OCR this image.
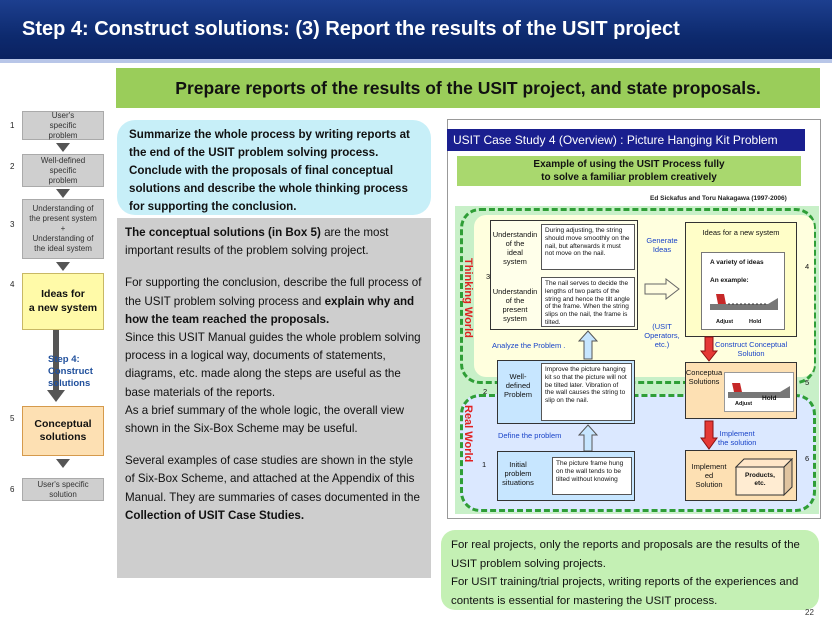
Step 4: Construct solutions: (3) Report the results of the USIT project
Prepare reports of the results of the USIT project, and state proposals.
1
User's
specific
problem
2
Well-defined
specific
problem
3
Understanding of
the present system
+
Understanding of
the ideal system
4
Ideas for
a new system
Step 4:
Construct
solutions
5	Conceptual
solutions
6
User's specific
solution
Summarize the whole process by writing reports at the end of the USIT problem solving process. Conclude with the proposals of final conceptual solutions and describe the whole thinking process for supporting the conclusion.

The conceptual solutions (in Box 5) are the most important results of the problem solving project.

For supporting the conclusion, describe the full process of the USIT problem solving process and explain why and how the team reached the proposals.
Since this USIT Manual guides the whole problem solving process in a logical way, documents of statements, diagrams, etc. made along the steps are useful as the base materials of the reports.
As a brief summary of the whole logic, the overall view shown in the Six-Box Scheme may be useful.

Several examples of case studies are shown in the style of Six-Box Scheme, and attached at the Appendix of this Manual. They are summaries of cases documented in the Collection of USIT Case Studies.

USIT Case Study 4 (Overview) : Picture Hanging Kit Problem
Example of using the USIT Process fully
to solve a familiar problem creatively
Ed Sickafus and Toru Nakagawa (1997-2006)
Thinking World
Real World
3
2
1
4
5
6
Understandin
of the
ideal
system
During adjusting, the string should move smoothly on the nail, but afterwards it must not move on the nail.
Understandin
of the
present
system
The nail serves to decide the lengths of two parts of the string and hence the tilt angle of the frame. When the string slips on the nail, the frame is tilted.
Generate
Ideas
(USIT
Operators,
etc.)
Ideas for a new system
A variety of ideas
An example:
Adjust	Hold
Analyze the Problem .	Construct Conceptual
Solution
Well-
defined
Problem
Improve the picture hanging kit so that the picture will not be tilted later. Vibration of the wall causes the string to slip on the nail.
Conceptua
Solutions
Adjust
Hold
Define the problem	Implement
the solution
Initial
problem
situations
The picture frame hung on the wall tends to be tilted without knowing
Implement
ed
Solution
Products,
etc.
For real projects, only the reports and proposals are the results of the USIT problem solving projects.
For USIT training/trial projects, writing reports of the experiences and contents is essential for mastering the USIT process.
22
